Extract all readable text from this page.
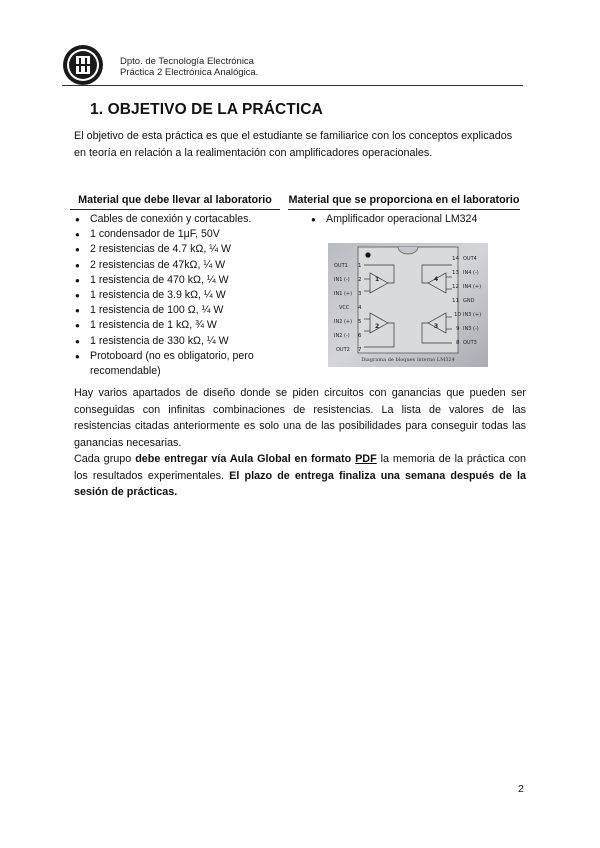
Dpto. de Tecnología Electrónica
Práctica 2 Electrónica Analógica.
1. OBJETIVO DE LA PRÁCTICA
El objetivo de esta práctica es que el estudiante se familiarice con los conceptos explicados en teoría en relación a la realimentación con amplificadores operacionales.
Material que debe llevar al laboratorio
● Cables de conexión y cortacables.
● 1 condensador de 1μF, 50V
● 2 resistencias de 4.7 kΩ, ¼ W
● 2 resistencias de 47kΩ, ¼ W
● 1 resistencia de 470 kΩ, ¼ W
● 1 resistencia de 3.9 kΩ, ¼ W
● 1 resistencia de 100 Ω, ¼ W
● 1 resistencia de 1 kΩ, ¾ W
● 1 resistencia de 330 kΩ, ¼ W
● Protoboard (no es obligatorio, pero recomendable)
Material que se proporciona en el laboratorio
● Amplificador operacional LM324
OUT1
IN1 (-)
IN1 (+)
VCC
IN2 (+)
IN2 (-)
OUT2
1
2
3
4
5
6
7
14
13
12
11
10
9
8
OUT4
IN4 (-)
IN4 (+)
GND
IN3 (+)
IN3 (-)
OUT3
1	4
2	3
Diagrama de bloques interno LM324
Hay varios apartados de diseño donde se piden circuitos con ganancias que pueden ser conseguidas con infinitas combinaciones de resistencias. La lista de valores de las resistencias citadas anteriormente es solo una de las posibilidades para conseguir todas las ganancias necesarias.
Cada grupo debe entregar vía Aula Global en formato PDF la memoria de la práctica con los resultados experimentales. El plazo de entrega finaliza una semana después de la sesión de prácticas.
2
